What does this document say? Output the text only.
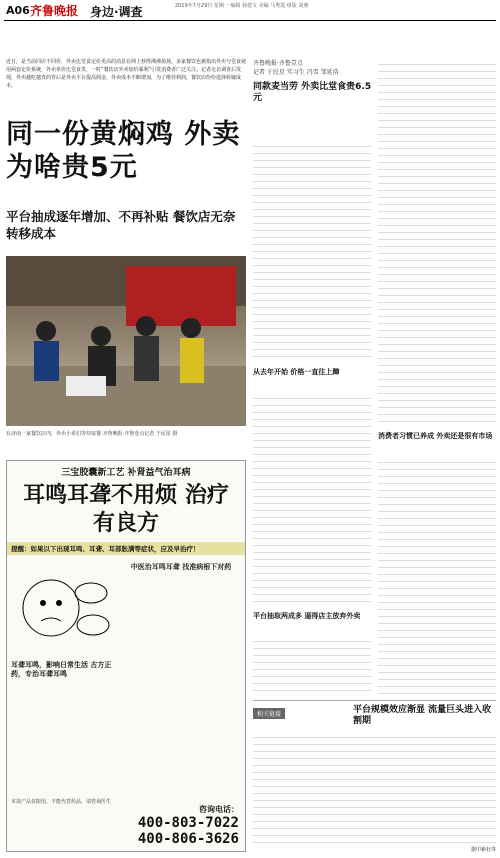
A06 齐鲁晚报 身边·调查	2019年7月29日 星期一 编辑 孙建文 美编 马秀霞 组版 刘燕
近日，是当前同店不同价，外卖比堂食定价更高的消息在网上炒得沸沸扬扬。多家餐饮也被指出外卖与堂食使用两套定价系统，外卖单价比堂食贵，一时“餐饮店外卖加价暴利”引发消费者广泛关注。记者走访调查后发现，外卖越吃越贵的背后是外卖平台提高佣金，外卖成本不断增加，为了维持利润，餐饮店纷纷选择转嫁成本。
同一份黄焖鸡 外卖为啥贵5元
平台抽成逐年增加、不再补贴 餐饮店无奈转移成本
在济南一家餐饮店内，外卖小哥们等待取餐 齐鲁晚报·齐鲁壹点记者 于民星 摄
三宝胶囊新工艺 补肾益气治耳病
耳鸣耳聋不用烦 治疗有良方
提醒：如果以下出现耳鸣、耳聋、耳部胀满等症状，应及早治疗！
耳聋耳鸣，影响日常生活 古方正药，专治耳聋耳鸣
中医治耳鸣耳聋 找准病根下对药
本款产品仅限用，不能代替药品，请咨询医生
咨询电话：
400-803-7022
400-806-3626
齐鲁晚报·齐鲁壹点
记者 于民星 实习生 冯雪 邹延浩
同款麦当劳 外卖比堂食贵6.5元
从去年开始 价格一直往上蹿
平台抽取两成多 逼得店主放弃外卖
消费者习惯已养成 外卖还是很有市场
相关链接	平台规模效应渐显 流量巨头进入收割期
据中新社等
